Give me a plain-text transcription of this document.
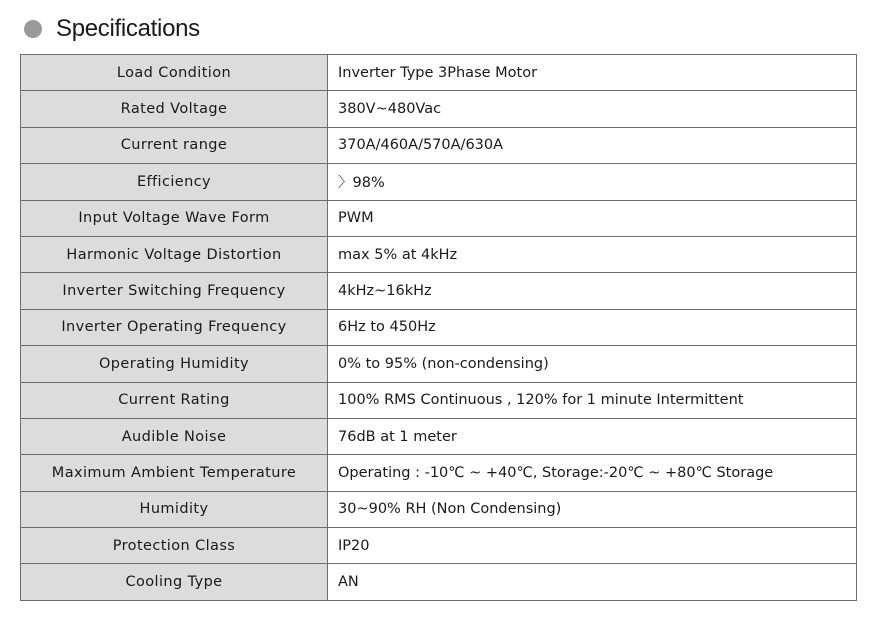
Specifications
Load Condition	Inverter Type 3Phase Motor
Rated Voltage	380V~480Vac
Current range	370A/460A/570A/630A
Efficiency	〉98%
Input Voltage Wave Form	PWM
Harmonic Voltage Distortion	max 5% at 4kHz
Inverter Switching Frequency	4kHz~16kHz
Inverter Operating Frequency	6Hz to 450Hz
Operating Humidity	0% to 95% (non-condensing)
Current Rating	100% RMS Continuous , 120% for 1 minute Intermittent
Audible Noise	76dB at 1 meter
Maximum Ambient Temperature	Operating : -10℃ ~ +40℃, Storage:-20℃ ~ +80℃ Storage
Humidity	30~90% RH (Non Condensing)
Protection Class	IP20
Cooling Type	AN
